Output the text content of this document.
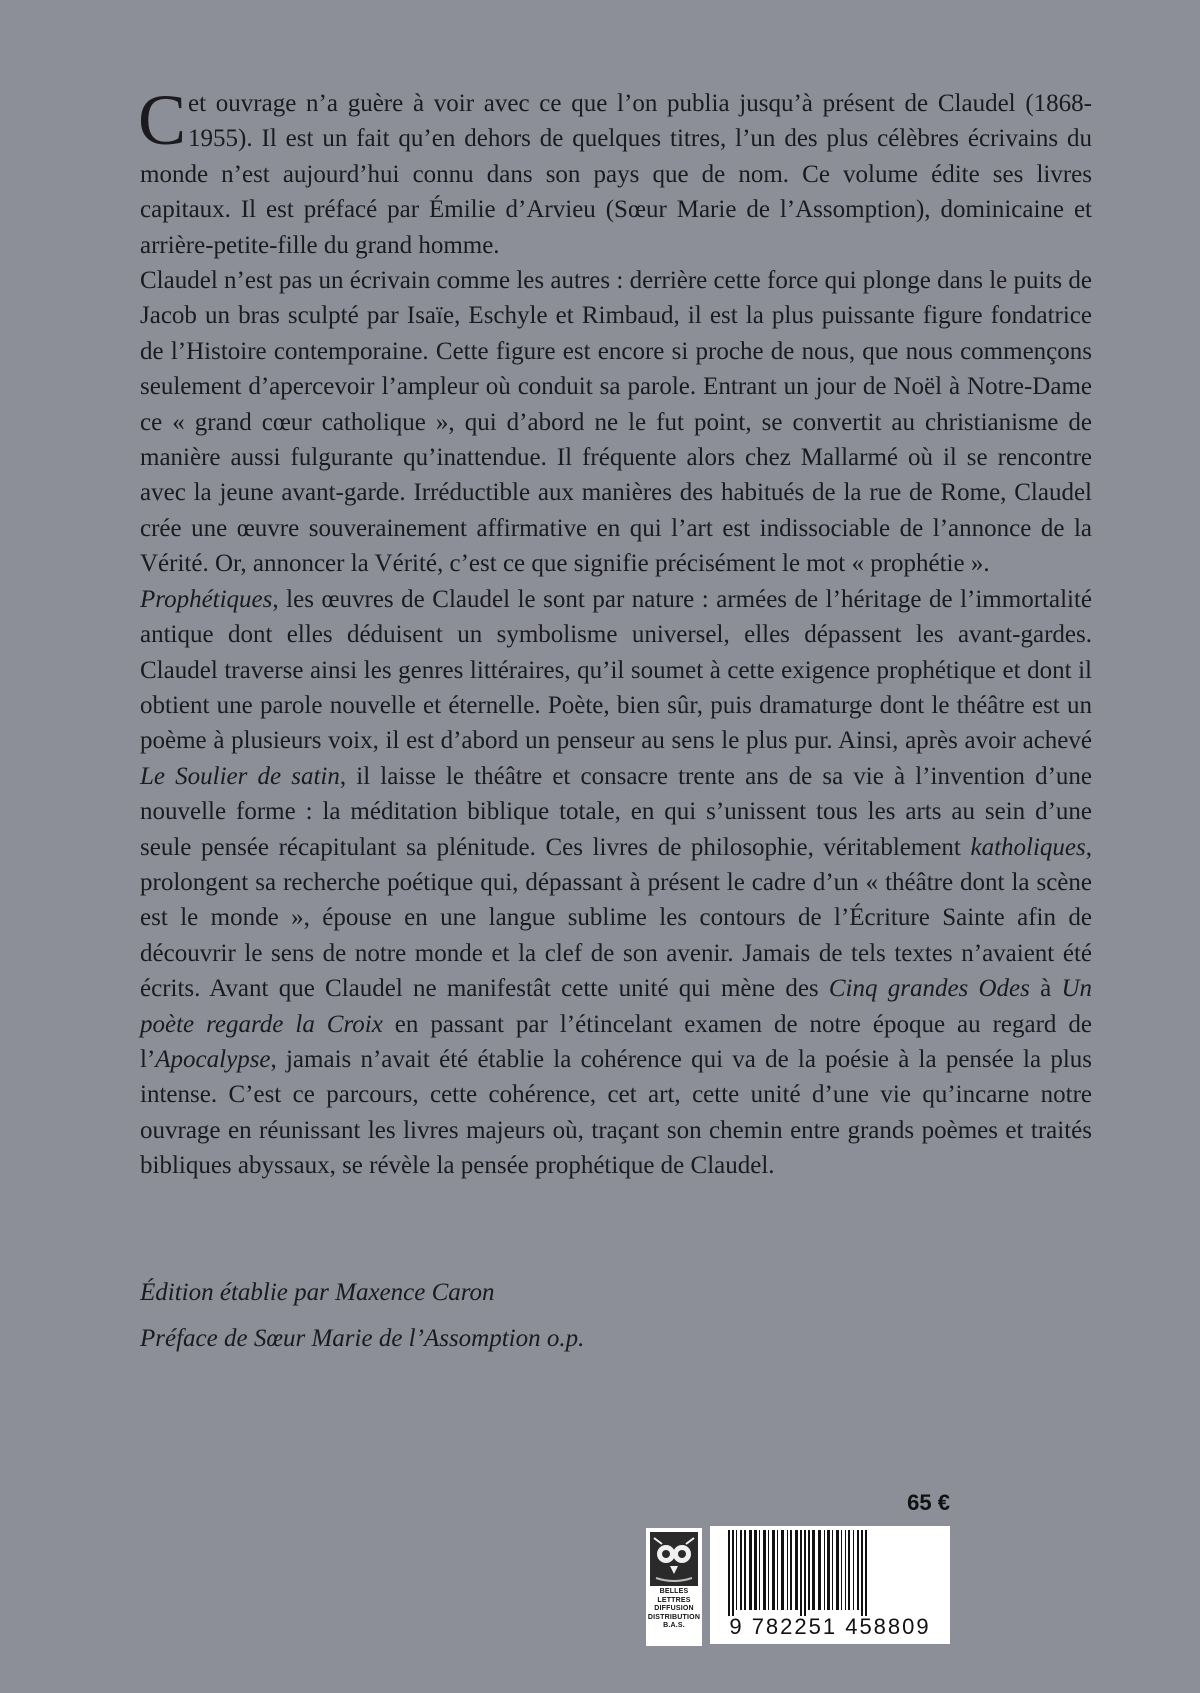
Cet ouvrage n’a guère à voir avec ce que l’on publia jusqu’à présent de Claudel (1868-1955). Il est un fait qu’en dehors de quelques titres, l’un des plus célèbres écrivains du monde n’est aujourd’hui connu dans son pays que de nom. Ce volume édite ses livres capitaux. Il est préfacé par Émilie d’Arvieu (Sœur Marie de l’Assomption), dominicaine et arrière-petite-fille du grand homme.

Claudel n’est pas un écrivain comme les autres : derrière cette force qui plonge dans le puits de Jacob un bras sculpté par Isaïe, Eschyle et Rimbaud, il est la plus puissante figure fondatrice de l’Histoire contemporaine. Cette figure est encore si proche de nous, que nous commençons seulement d’apercevoir l’ampleur où conduit sa parole. Entrant un jour de Noël à Notre-Dame ce « grand cœur catholique », qui d’abord ne le fut point, se convertit au christianisme de manière aussi fulgurante qu’inattendue. Il fréquente alors chez Mallarmé où il se rencontre avec la jeune avant-garde. Irréductible aux manières des habitués de la rue de Rome, Claudel crée une œuvre souverainement affirmative en qui l’art est indissociable de l’annonce de la Vérité. Or, annoncer la Vérité, c’est ce que signifie précisément le mot « prophétie ».

Prophétiques, les œuvres de Claudel le sont par nature : armées de l’héritage de l’immortalité antique dont elles déduisent un symbolisme universel, elles dépassent les avant-gardes. Claudel traverse ainsi les genres littéraires, qu’il soumet à cette exigence prophétique et dont il obtient une parole nouvelle et éternelle. Poète, bien sûr, puis dramaturge dont le théâtre est un poème à plusieurs voix, il est d’abord un penseur au sens le plus pur. Ainsi, après avoir achevé Le Soulier de satin, il laisse le théâtre et consacre trente ans de sa vie à l’invention d’une nouvelle forme : la méditation biblique totale, en qui s’unissent tous les arts au sein d’une seule pensée récapitulant sa plénitude. Ces livres de philosophie, véritablement katholiques, prolongent sa recherche poétique qui, dépassant à présent le cadre d’un « théâtre dont la scène est le monde », épouse en une langue sublime les contours de l’Écriture Sainte afin de découvrir le sens de notre monde et la clef de son avenir. Jamais de tels textes n’avaient été écrits. Avant que Claudel ne manifestât cette unité qui mène des Cinq grandes Odes à Un poète regarde la Croix en passant par l’étincelant examen de notre époque au regard de l’Apocalypse, jamais n’avait été établie la cohérence qui va de la poésie à la pensée la plus intense. C’est ce parcours, cette cohérence, cet art, cette unité d’une vie qu’incarne notre ouvrage en réunissant les livres majeurs où, traçant son chemin entre grands poèmes et traités bibliques abyssaux, se révèle la pensée prophétique de Claudel.

Édition établie par Maxence Caron
Préface de Sœur Marie de l’Assomption o.p.
65 €
BELLES LETTRES
DIFFUSION
DISTRIBUTION
B.A.S.	9 782251 458809
